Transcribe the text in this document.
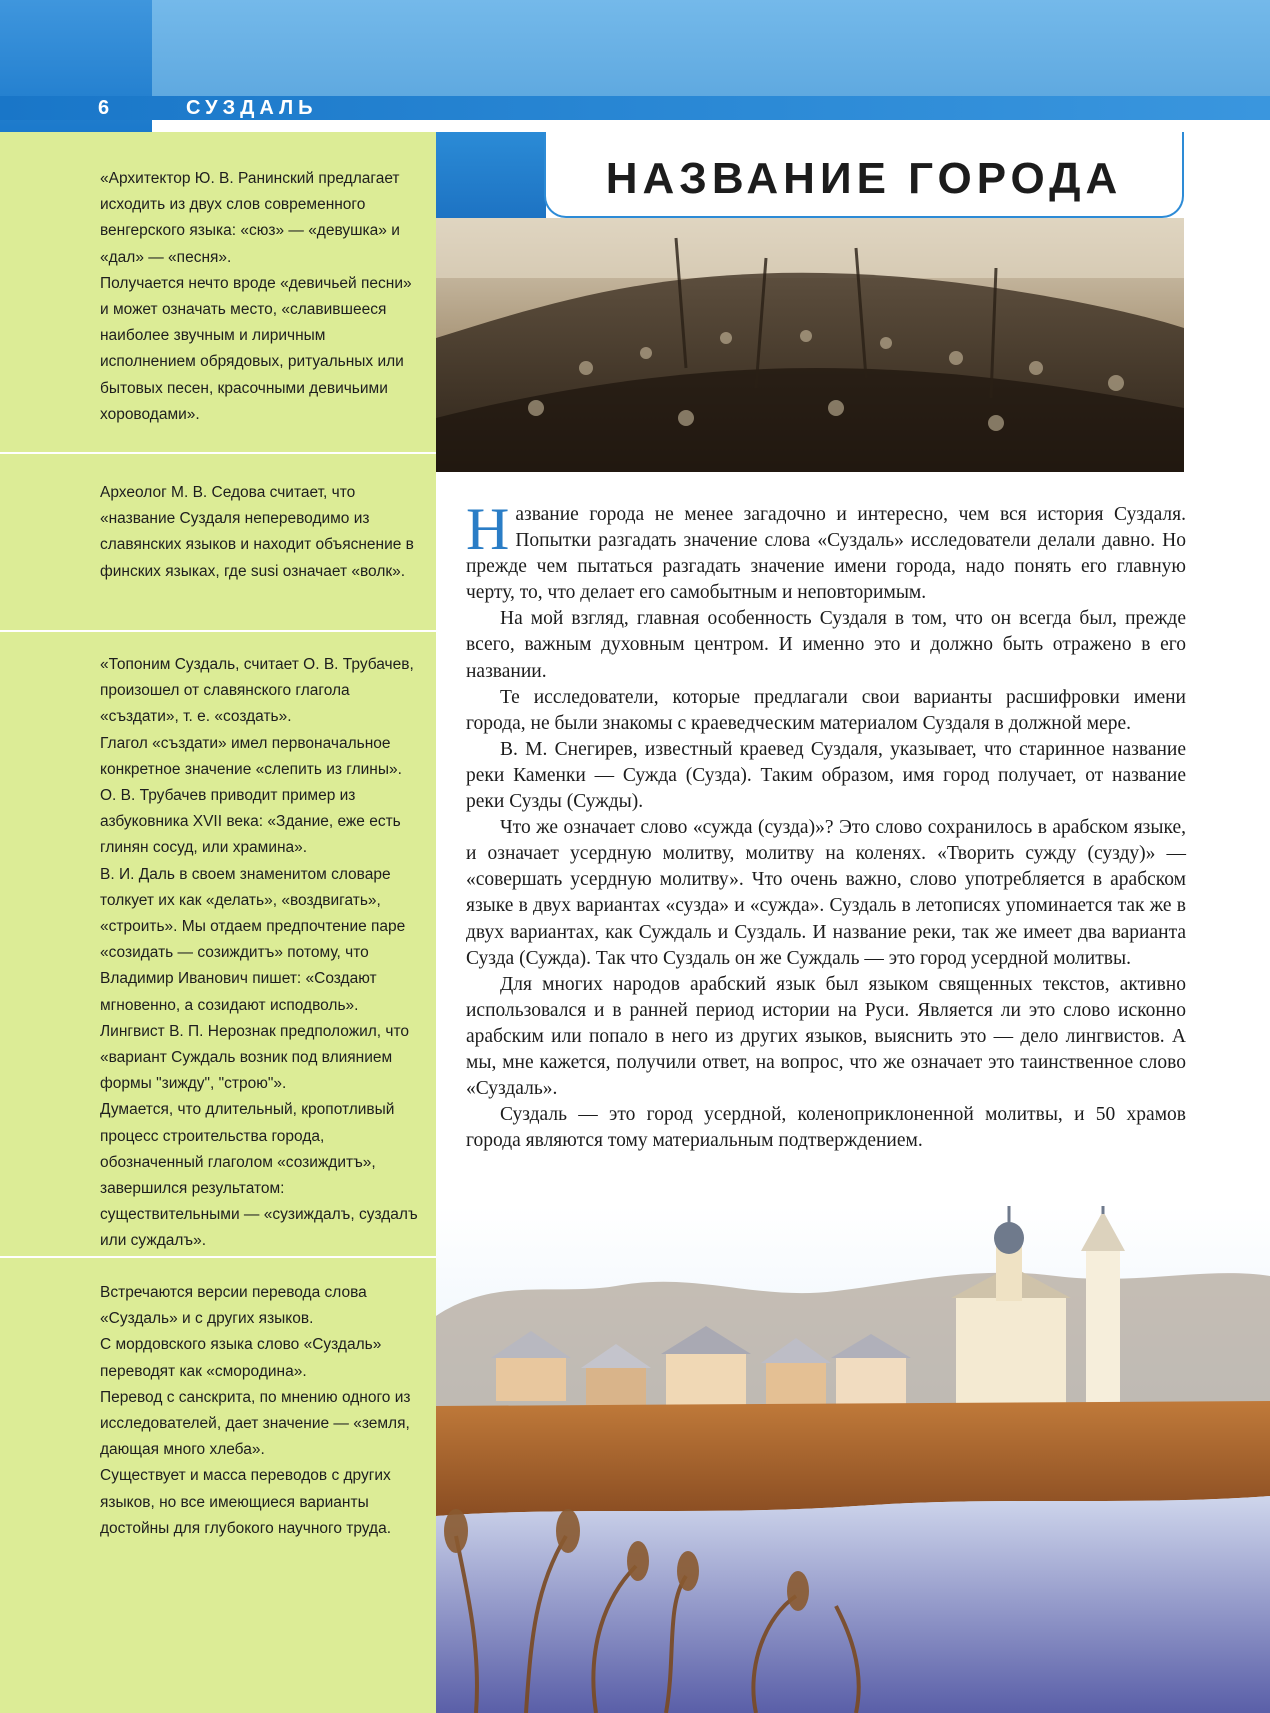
6	СУЗДАЛЬ

«Архитектор Ю. В. Ранинский предлагает исходить из двух слов современного венгерского языка: «сюз» — «девушка» и «дал» — «песня».

Получается нечто вроде «девичьей песни» и может означать место, «славившееся наиболее звучным и лиричным исполнением обрядовых, ритуальных или бытовых песен, красочными девичьими хороводами».

Археолог М. В. Седова считает, что «название Суздаля непереводимо из славянских языков и находит объяснение в финских языках, где susi означает «волк».

«Топоним Суздаль, считает О. В. Трубачев, произошел от славянского глагола «създати», т. е. «создать».

Глагол «създати» имел первоначальное конкретное значение «слепить из глины». О. В. Трубачев приводит пример из азбуковника XVII века: «Здание, еже есть глинян сосуд, или храмина».

В. И. Даль в своем знаменитом словаре толкует их как «делать», «воздвигать», «строить». Мы отдаем предпочтение паре «созидать — созиждитъ» потому, что Владимир Иванович пишет: «Создают мгновенно, а созидают исподволь».

Лингвист В. П. Нерознак предположил, что «вариант Суждаль возник под влиянием формы "зижду", "строю"».

Думается, что длительный, кропотливый процесс строительства города, обозначенный глаголом «созиждитъ», завершился результатом: существительными — «сузиждалъ, суздалъ или суждалъ».

Встречаются версии перевода слова «Суздаль» и с других языков.

С мордовского языка слово «Суздаль» переводят как «смородина».

Перевод с санскрита, по мнению одного из исследователей, дает значение — «земля, дающая много хлеба».

Существует и масса переводов с других языков, но все имеющиеся варианты достойны для глубокого научного труда.

НАЗВАНИЕ ГОРОДА

Название города не менее загадочно и интересно, чем вся история Суздаля. Попытки разгадать значение слова «Суздаль» исследователи делали давно. Но прежде чем пытаться разгадать значение имени города, надо понять его главную черту, то, что делает его самобытным и неповторимым.

На мой взгляд, главная особенность Суздаля в том, что он всегда был, прежде всего, важным духовным центром. И именно это и должно быть отражено в его названии.

Те исследователи, которые предлагали свои варианты расшифровки имени города, не были знакомы с краеведческим материалом Суздаля в должной мере.

В. М. Снегирев, известный краевед Суздаля, указывает, что старинное название реки Каменки — Сужда (Сузда). Таким образом, имя город получает, от название реки Сузды (Сужды).

Что же означает слово «сужда (сузда)»? Это слово сохранилось в арабском языке, и означает усердную молитву, молитву на коленях. «Творить сужду (сузду)» — «совершать усердную молитву». Что очень важно, слово употребляется в арабском языке в двух вариантах «сузда» и «сужда». Суздаль в летописях упоминается так же в двух вариантах, как Суждаль и Суздаль. И название реки, так же имеет два варианта Сузда (Сужда). Так что Суздаль он же Суждаль — это город усердной молитвы.

Для многих народов арабский язык был языком священных текстов, активно использовался и в ранней период истории на Руси. Является ли это слово исконно арабским или попало в него из других языков, выяснить это — дело лингвистов. А мы, мне кажется, получили ответ, на вопрос, что же означает это таинственное слово «Суздаль».

Суздаль — это город усердной, коленоприклоненной молитвы, и 50 храмов города являются тому материальным подтверждением.
